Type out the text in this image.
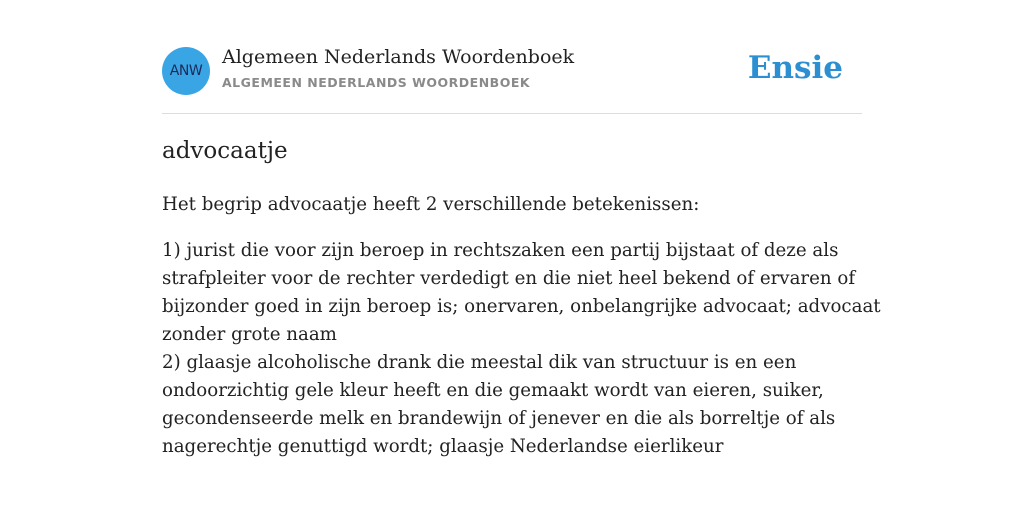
ANW
Algemeen Nederlands Woordenboek
ALGEMEEN NEDERLANDS WOORDENBOEK	Ensie
advocaatje

Het begrip advocaatje heeft 2 verschillende betekenissen:

1) jurist die voor zijn beroep in rechtszaken een partij bijstaat of deze als
strafpleiter voor de rechter verdedigt en die niet heel bekend of ervaren of
bijzonder goed in zijn beroep is; onervaren, onbelangrijke advocaat; advocaat
zonder grote naam
2) glaasje alcoholische drank die meestal dik van structuur is en een
ondoorzichtig gele kleur heeft en die gemaakt wordt van eieren, suiker,
gecondenseerde melk en brandewijn of jenever en die als borreltje of als
nagerechtje genuttigd wordt; glaasje Nederlandse eierlikeur
